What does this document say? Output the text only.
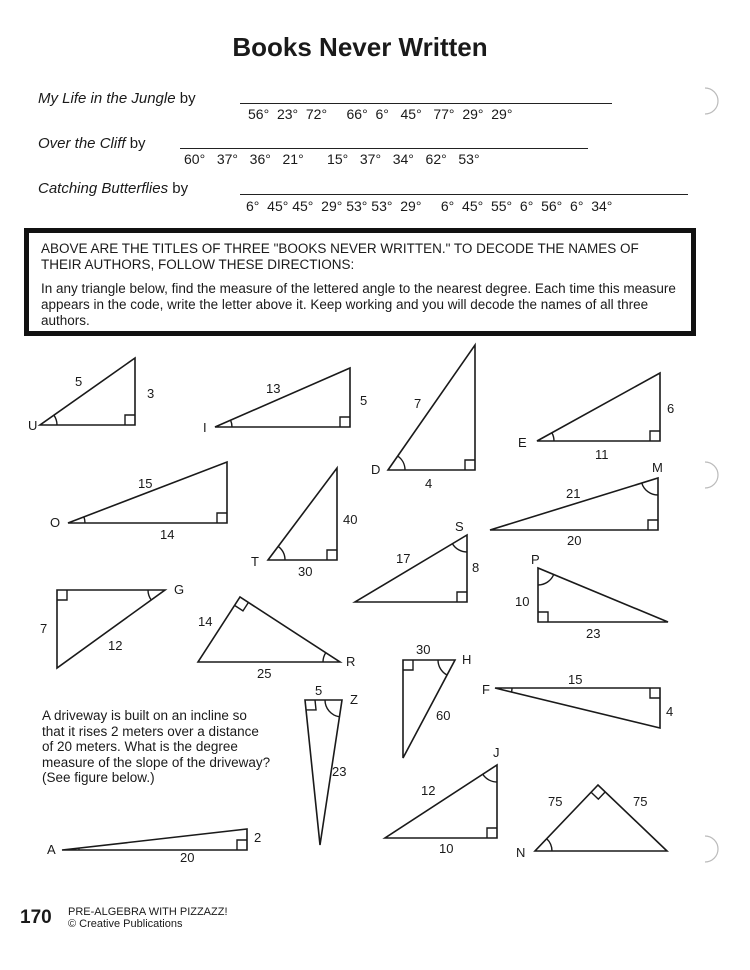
Books Never Written
My Life in the Jungle by
56°  23°  72°     66°  6°   45°   77°  29°  29°
Over the Cliff by
60°   37°   36°   21°      15°   37°   34°   62°   53°
Catching Butterflies by
6°  45° 45°  29° 53° 53°  29°     6°  45°  55°  6°  56°  6°  34°
ABOVE ARE THE TITLES OF THREE "BOOKS NEVER WRITTEN." TO DECODE THE NAMES OF THEIR AUTHORS, FOLLOW THESE DIRECTIONS:
In any triangle below, find the measure of the lettered angle to the nearest degree. Each time this measure appears in the code, write the letter above it. Keep working and you will decode the names of all three authors.
U
5
3
I
13
5
D
7
4
E
6
11
O
15
14
T
40
30
M
21
20
S
17
8
G
7
12
P
10
23
R
14
25
H
30
60
F
15
4
Z
5
23
J
12
10	N
75	75
A
2
20
A driveway is built on an incline so that it rises 2 meters over a distance of 20 meters. What is the degree measure of the slope of the driveway? (See figure below.)
170 PRE-ALGEBRA WITH PIZZAZZ!
© Creative Publications
